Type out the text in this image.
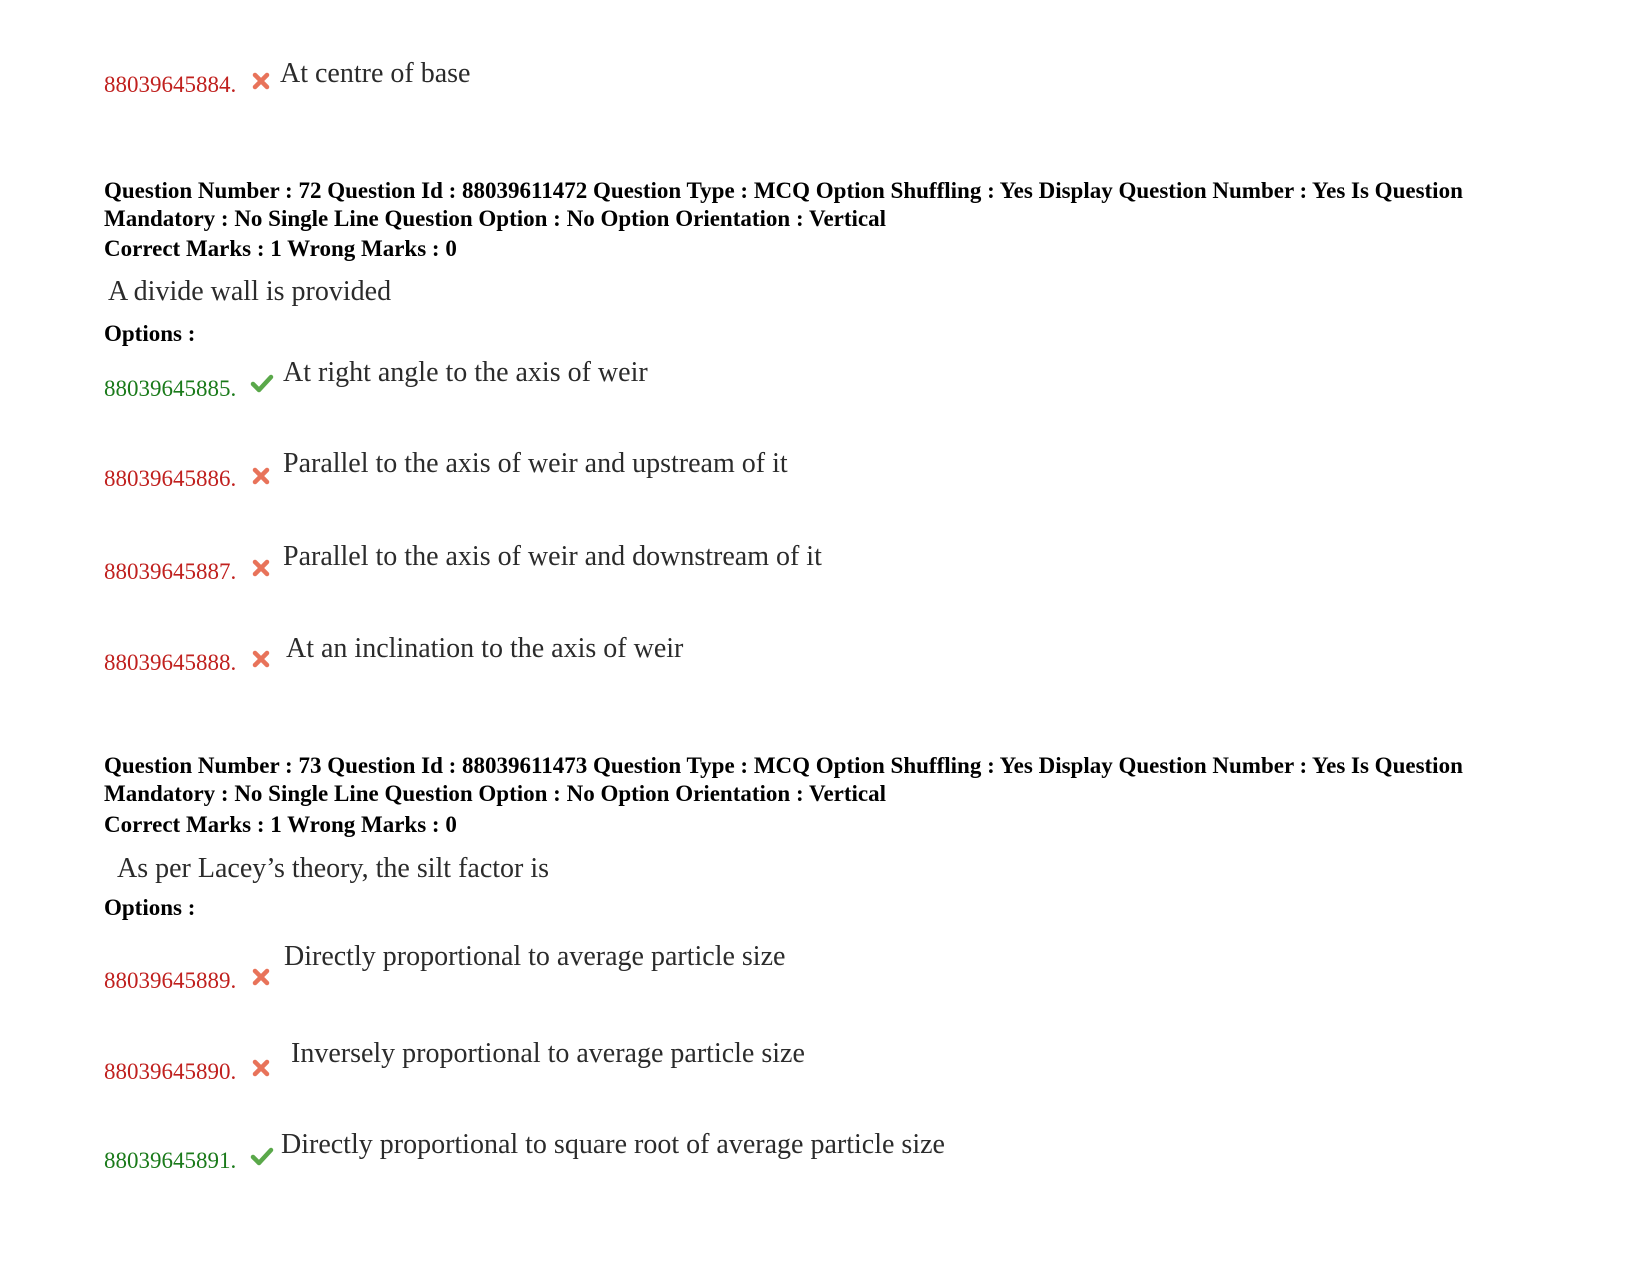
88039645884. At centre of base
Question Number : 72 Question Id : 88039611472 Question Type : MCQ Option Shuffling : Yes Display Question Number : Yes Is Question Mandatory : No Single Line Question Option : No Option Orientation : Vertical
Correct Marks : 1 Wrong Marks : 0
A divide wall is provided
Options :
88039645885.
At right angle to the axis of weir
88039645886. Parallel to the axis of weir and upstream of it
88039645887. Parallel to the axis of weir and downstream of it
88039645888. At an inclination to the axis of weir
Question Number : 73 Question Id : 88039611473 Question Type : MCQ Option Shuffling : Yes Display Question Number : Yes Is Question Mandatory : No Single Line Question Option : No Option Orientation : Vertical
Correct Marks : 1 Wrong Marks : 0
As per Lacey’s theory, the silt factor is
Options :
88039645889.
Directly proportional to average particle size
88039645890.
Inversely proportional to average particle size
88039645891.
Directly proportional to square root of average particle size
